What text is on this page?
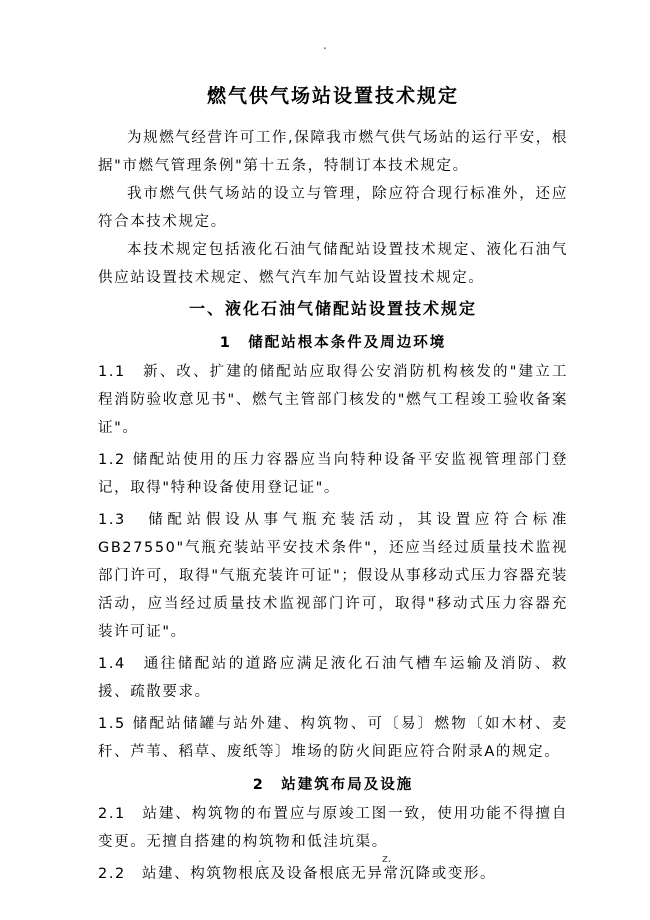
.
燃气供气场站设置技术规定

为规燃气经营许可工作,保障我市燃气供气场站的运行平安，根据"市燃气管理条例"第十五条，特制订本技术规定。

我市燃气供气场站的设立与管理，除应符合现行标准外，还应符合本技术规定。

本技术规定包括液化石油气储配站设置技术规定、液化石油气供应站设置技术规定、燃气汽车加气站设置技术规定。

一、液化石油气储配站设置技术规定
1　储配站根本条件及周边环境

1.1　新、改、扩建的储配站应取得公安消防机构核发的"建立工程消防验收意见书"、燃气主管部门核发的"燃气工程竣工验收备案证"。

1.2 储配站使用的压力容器应当向特种设备平安监视管理部门登记，取得"特种设备使用登记证"。

1.3　储配站假设从事气瓶充装活动，其设置应符合标准GB27550"气瓶充装站平安技术条件"，还应当经过质量技术监视部门许可，取得"气瓶充装许可证"；假设从事移动式压力容器充装活动，应当经过质量技术监视部门许可，取得"移动式压力容器充装许可证"。

1.4　通往储配站的道路应满足液化石油气槽车运输及消防、救援、疏散要求。

1.5 储配站储罐与站外建、构筑物、可〔易〕燃物〔如木材、麦秆、芦苇、稻草、废纸等〕堆场的防火间距应符合附录A的规定。

2　站建筑布局及设施

2.1　站建、构筑物的布置应与原竣工图一致，使用功能不得擅自变更。无擅自搭建的构筑物和低洼坑渠。

2.2　站建、构筑物根底及设备根底无异常沉降或变形。

.	z.
